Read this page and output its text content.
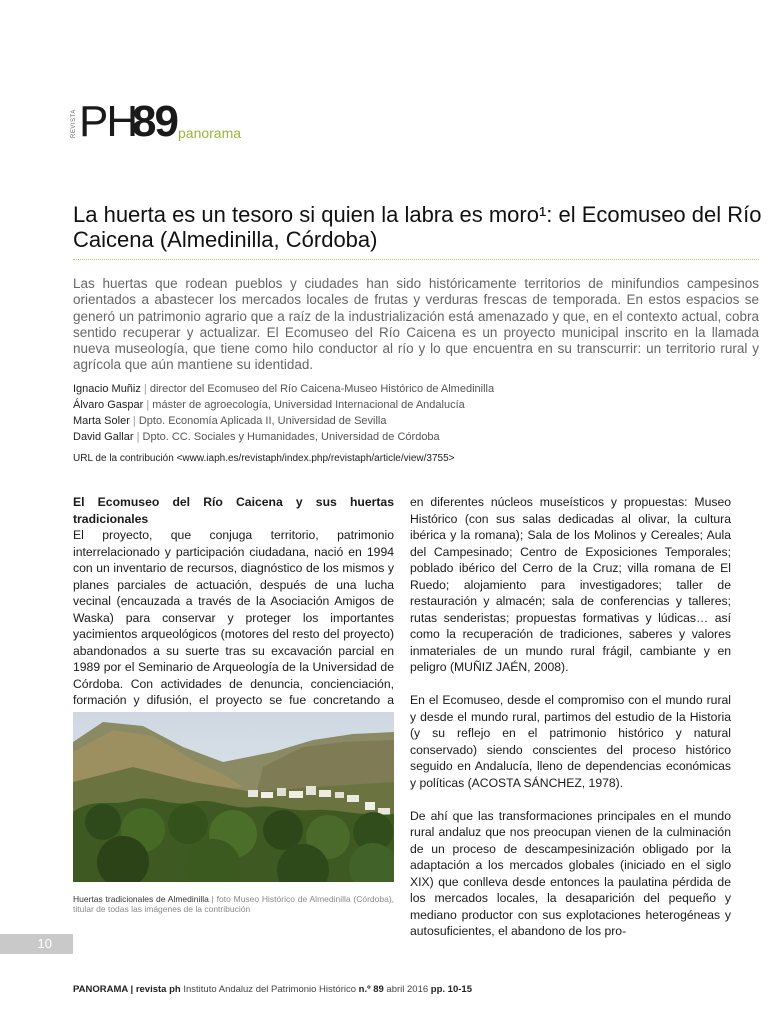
REVISTA PH
89 panorama
La huerta es un tesoro si quien la labra es moro¹: el Ecomuseo del Río Caicena (Almedinilla, Córdoba)
Las huertas que rodean pueblos y ciudades han sido históricamente territorios de minifundios campesinos orientados a abastecer los mercados locales de frutas y verduras frescas de temporada. En estos espacios se generó un patrimonio agrario que a raíz de la industrialización está amenazado y que, en el contexto actual, cobra sentido recuperar y actualizar. El Ecomuseo del Río Caicena es un proyecto municipal inscrito en la llamada nueva museología, que tiene como hilo conductor al río y lo que encuentra en su transcurrir: un territorio rural y agrícola que aún mantiene su identidad.
Ignacio Muñiz | director del Ecomuseo del Río Caicena-Museo Histórico de Almedinilla
Álvaro Gaspar | máster de agroecología, Universidad Internacional de Andalucía
Marta Soler | Dpto. Economía Aplicada II, Universidad de Sevilla
David Gallar | Dpto. CC. Sociales y Humanidades, Universidad de Córdoba
URL de la contribución <www.iaph.es/revistaph/index.php/revistaph/article/view/3755>

El Ecomuseo del Río Caicena y sus huertas tradicionales

El proyecto, que conjuga territorio, patrimonio interrelacionado y participación ciudadana, nació en 1994 con un inventario de recursos, diagnóstico de los mismos y planes parciales de actuación, después de una lucha vecinal (encauzada a través de la Asociación Amigos de Waska) para conservar y proteger los importantes yacimientos arqueológicos (motores del resto del proyecto) abandonados a su suerte tras su excavación parcial en 1989 por el Seminario de Arqueología de la Universidad de Córdoba. Con actividades de denuncia, concienciación, formación y difusión, el proyecto se fue concretando a

Huertas tradicionales de Almedinilla | foto Museo Histórico de Almedinilla (Córdoba), titular de todas las imágenes de la contribución

en diferentes núcleos museísticos y propuestas: Museo Histórico (con sus salas dedicadas al olivar, la cultura ibérica y la romana); Sala de los Molinos y Cereales; Aula del Campesinado; Centro de Exposiciones Temporales; poblado ibérico del Cerro de la Cruz; villa romana de El Ruedo; alojamiento para investigadores; taller de restauración y almacén; sala de conferencias y talleres; rutas senderistas; propuestas formativas y lúdicas… así como la recuperación de tradiciones, saberes y valores inmateriales de un mundo rural frágil, cambiante y en peligro (MUÑIZ JAÉN, 2008).

En el Ecomuseo, desde el compromiso con el mundo rural y desde el mundo rural, partimos del estudio de la Historia (y su reflejo en el patrimonio histórico y natural conservado) siendo conscientes del proceso histórico seguido en Andalucía, lleno de dependencias económicas y políticas (ACOSTA SÁNCHEZ, 1978).

De ahí que las transformaciones principales en el mundo rural andaluz que nos preocupan vienen de la culminación de un proceso de descampesinización obligado por la adaptación a los mercados globales (iniciado en el siglo XIX) que conlleva desde entonces la paulatina pérdida de los mercados locales, la desaparición del pequeño y mediano productor con sus explotaciones heterogéneas y autosuficientes, el abandono de los pro-

10
PANORAMA | revista ph Instituto Andaluz del Patrimonio Histórico n.º 89 abril 2016 pp. 10-15
